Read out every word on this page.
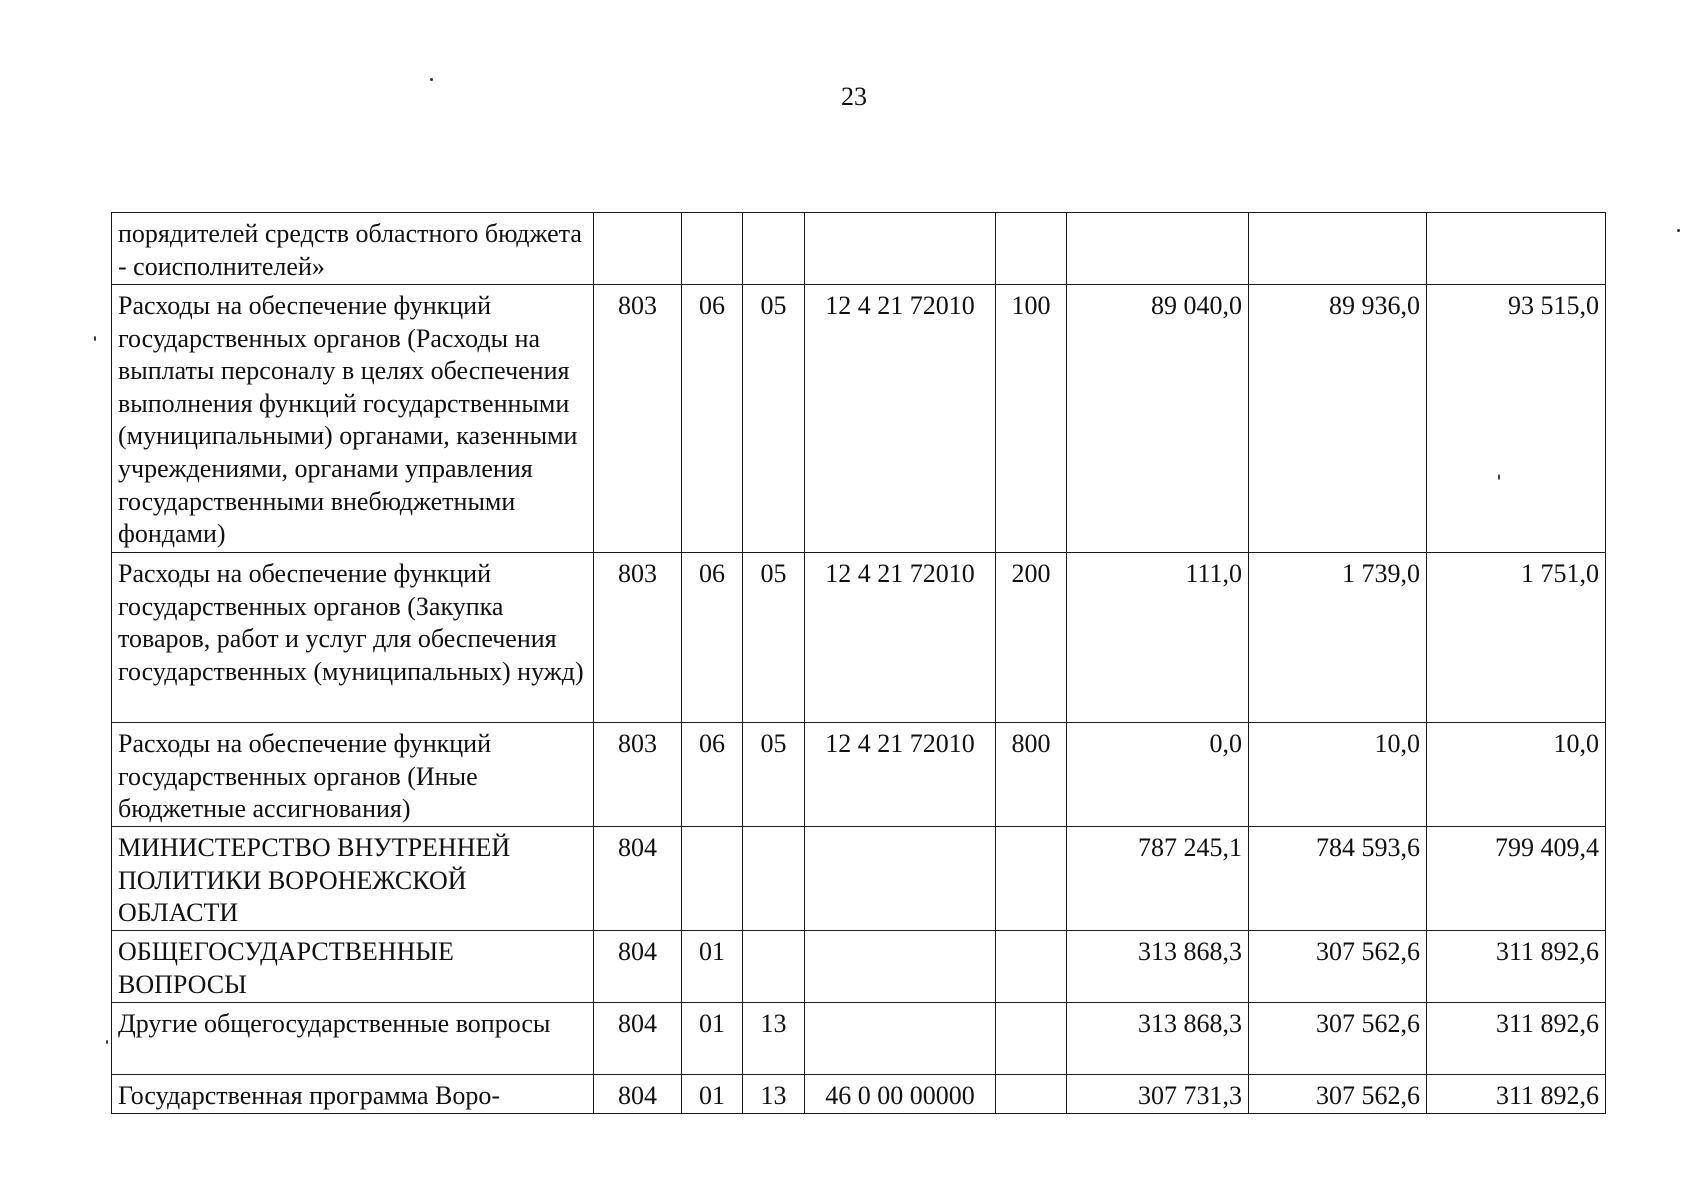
23
порядителей средств областного бюджета - соисполнителей»								
Расходы на обеспечение функций государственных органов (Расходы на выплаты персоналу в целях обеспечения выполнения функций государственными (муниципальными) органами, казенными учреждениями, органами управления государственными внебюджетными фондами)	803	06	05	12 4 21 72010	100	89 040,0	89 936,0	93 515,0
Расходы на обеспечение функций государственных органов (Закупка товаров, работ и услуг для обеспечения государственных (муниципальных) нужд)	803	06	05	12 4 21 72010	200	111,0	1 739,0	1 751,0
Расходы на обеспечение функций государственных органов (Иные бюджетные ассигнования)	803	06	05	12 4 21 72010	800	0,0	10,0	10,0
МИНИСТЕРСТВО ВНУТРЕННЕЙ ПОЛИТИКИ ВОРОНЕЖСКОЙ ОБЛАСТИ	804					787 245,1	784 593,6	799 409,4
ОБЩЕГОСУДАРСТВЕННЫЕ ВОПРОСЫ	804	01				313 868,3	307 562,6	311 892,6
Другие общегосударственные вопросы	804	01	13			313 868,3	307 562,6	311 892,6
Государственная программа Воро-	804	01	13	46 0 00 00000		307 731,3	307 562,6	311 892,6
